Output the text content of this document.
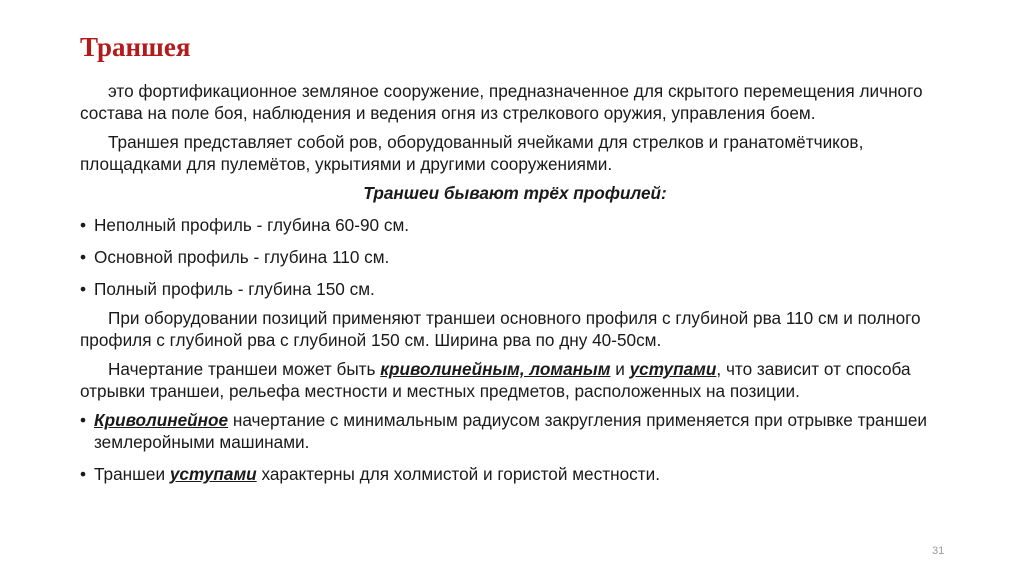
Траншея

это фортификационное земляное сооружение, предназначенное для скрытого перемещения личного состава на поле боя, наблюдения и ведения огня из стрелкового оружия, управления боем.

Траншея представляет собой ров, оборудованный ячейками для стрелков и гранатомётчиков, площадками для пулемётов, укрытиями и другими сооружениями.

Траншеи бывают трёх профилей:

• Неполный профиль - глубина 60-90 см.
• Основной профиль - глубина 110 см.
• Полный профиль - глубина 150 см.

При оборудовании позиций применяют траншеи основного профиля с глубиной рва 110 см и полного профиля с глубиной рва с глубиной 150 см. Ширина рва по дну 40-50см.

Начертание траншеи может быть криволинейным, ломаным и уступами, что зависит от способа отрывки траншеи, рельефа местности и местных предметов, расположенных на позиции.

• Криволинейное начертание с минимальным радиусом закругления применяется при отрывке траншеи землеройными машинами.
• Траншеи уступами характерны для холмистой и гористой местности.
31
